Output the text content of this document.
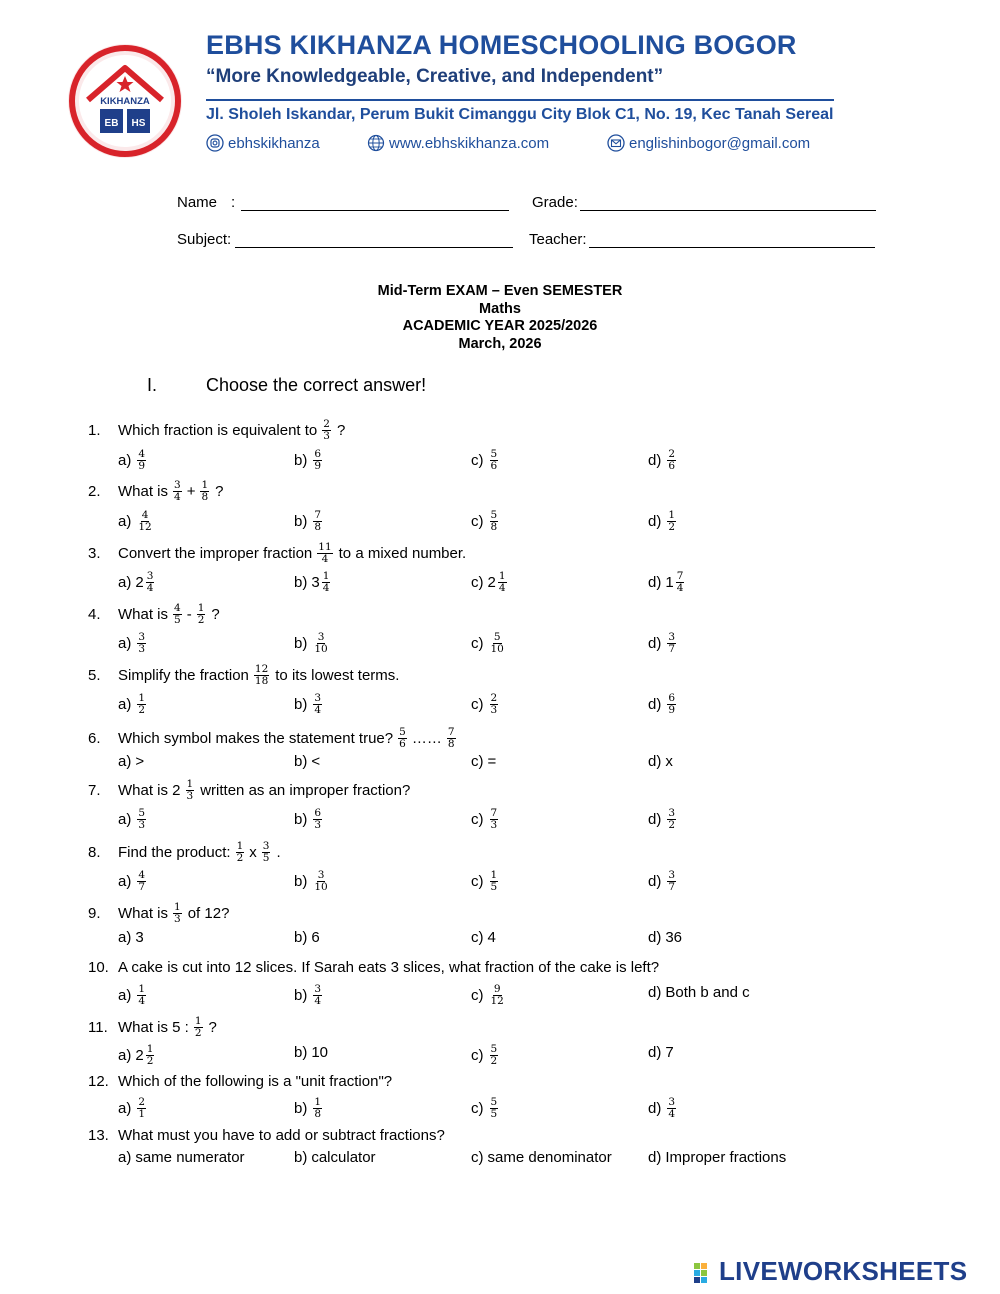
KIKHANZA
EB HS
EBHS KIKHANZA HOMESCHOOLING BOGOR
“More Knowledgeable, Creative, and Independent”
Jl. Sholeh Iskandar, Perum Bukit Cimanggu City Blok C1, No. 19, Kec Tanah Sereal
ebhskikhanza	www.ebhskikhanza.com	englishinbogor@gmail.com
Name :	Grade:
Subject:	Teacher:
Mid-Term EXAM – Even SEMESTER
Maths
ACADEMIC YEAR 2025/2026
March, 2026
I.	Choose the correct answer!
1.	Which fraction is equivalent to $\frac{2}{3}$ ?
$a) \frac{4}{9}$	$b) \frac{6}{9}$	$c) \frac{5}{6}$	$d) \frac{2}{6}$
2.	What is $\frac{3}{4} + \frac{1}{8}$ ?
$a) \frac{4}{12}$	$b) \frac{7}{8}$	$c) \frac{5}{8}$	$d) \frac{1}{2}$
3.	Convert the improper fraction $\frac{11}{4}$ to a mixed number.
a) $2 \frac{3}{4}$	b) $3 \frac{1}{4}$	c) $2 \frac{1}{4}$	d) $1 \frac{7}{4}$
4.	What is $\frac{4}{5} - \frac{1}{2}$ ?
$a) \frac{3}{3}$	$b) \frac{3}{10}$	$c) \frac{5}{10}$	$d) \frac{3}{7}$
5.	Simplify the fraction $\frac{12}{18}$ to its lowest terms.
$a) \frac{1}{2}$	$b) \frac{3}{4}$	$c) \frac{2}{3}$	$d) \frac{6}{9}$
6.	Which symbol makes the statement true? $\frac{5}{6}$ …… $\frac{7}{8}$
a) >	b) <	c) =	d) x
7.	What is $2 \frac{1}{3}$ written as an improper fraction?
$a) \frac{5}{3}$	$b) \frac{6}{3}$	$c) \frac{7}{3}$	$d) \frac{3}{2}$
8.	Find the product: $\frac{1}{2}$ x $\frac{3}{5}$ .
$a) \frac{4}{7}$	$b) \frac{3}{10}$	$c) \frac{1}{5}$	$d) \frac{3}{7}$
9.	What is $\frac{1}{3}$ of 12?
a) 3	b) 6	c) 4	d) 36
10. A cake is cut into 12 slices. If Sarah eats 3 slices, what fraction of the cake is left?
$a) \frac{1}{4}$	$b) \frac{3}{4}$	$c) \frac{9}{12}$	d) Both b and c
11. What is 5 : $\frac{1}{2}$ ?
a) $2 \frac{1}{2}$	b) 10	$c) \frac{5}{2}$	d) 7
12. Which of the following is a "unit fraction"?
$a) \frac{2}{1}$	$b) \frac{1}{8}$	$c) \frac{5}{5}$	$d) \frac{3}{4}$
13. What must you have to add or subtract fractions?
a) same numerator	b) calculator	c) same denominator d) Improper fractions
LIVEWORKSHEETS
